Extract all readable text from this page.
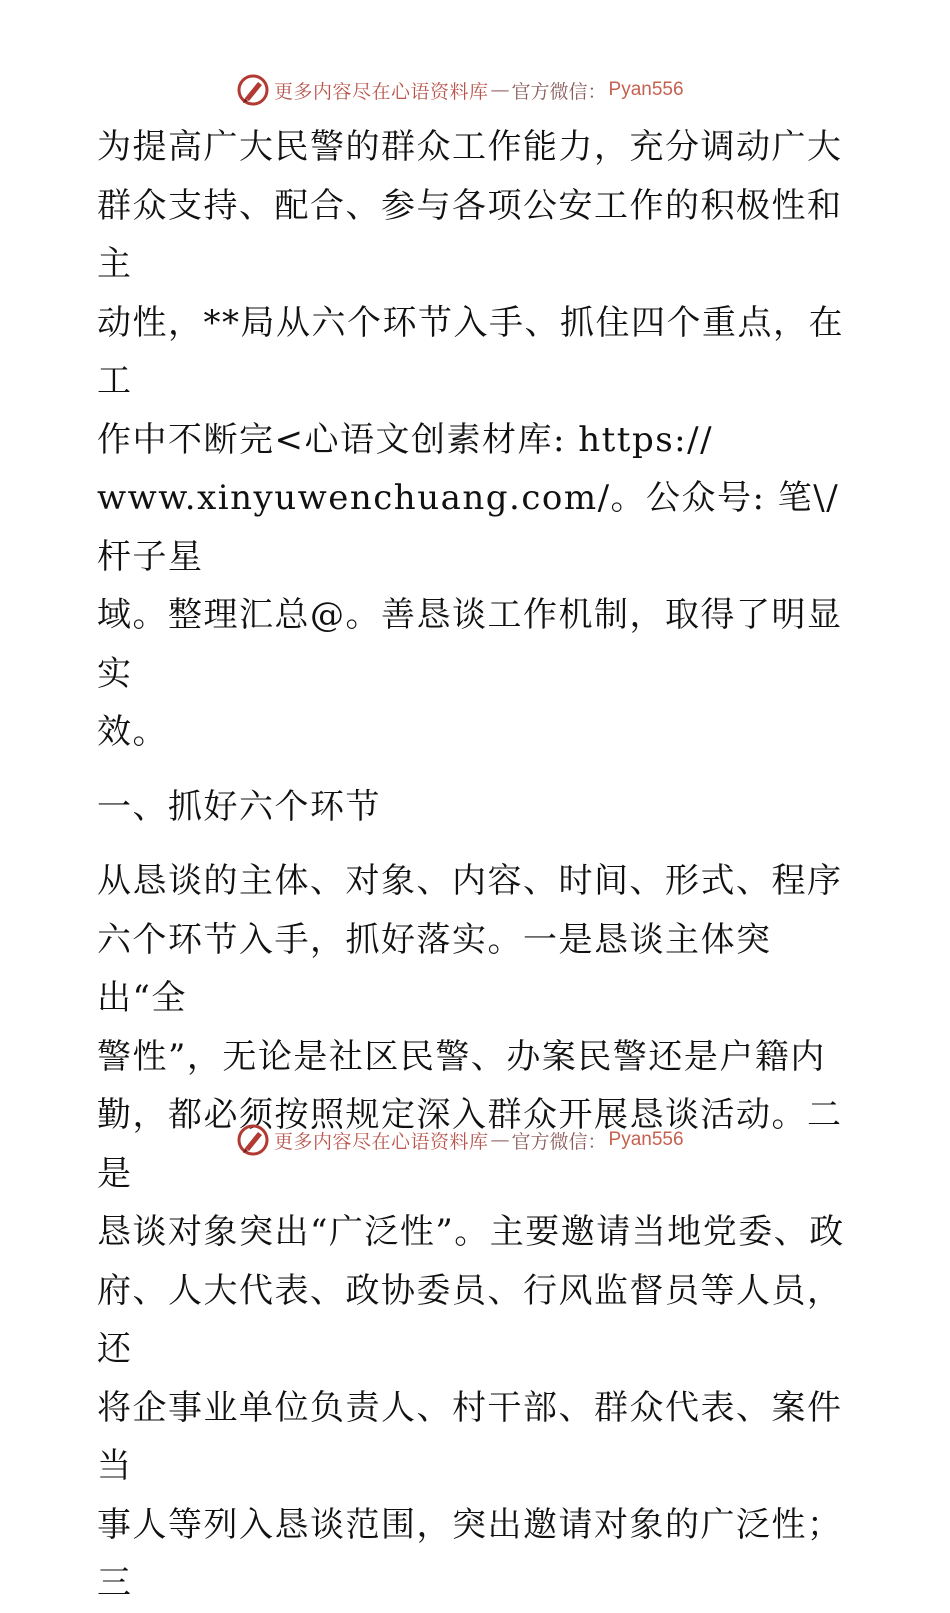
更多内容尽在心语资料库 — 官方微信： Pyan556

为提高广大民警的群众工作能力，充分调动广大
群众支持、配合、参与各项公安工作的积极性和主
动性，**局从六个环节入手、抓住四个重点，在工
作中不断完<心语文创素材库: https://
www.xinyuwenchuang.com/。公众号: 笔\/杆子星
域。整理汇总@。善恳谈工作机制，取得了明显实
效。

一、抓好六个环节

从恳谈的主体、对象、内容、时间、形式、程序
六个环节入手，抓好落实。一是恳谈主体突出“全
警性”，无论是社区民警、办案民警还是户籍内
勤，都必须按照规定深入群众开展恳谈活动。二是
恳谈对象突出“广泛性”。主要邀请当地党委、政
府、人大代表、政协委员、行风监督员等人员，还
将企事业单位负责人、村干部、群众代表、案件当
事人等列入恳谈范围，突出邀请对象的广泛性；三

更多内容尽在心语资料库 — 官方微信： Pyan556
